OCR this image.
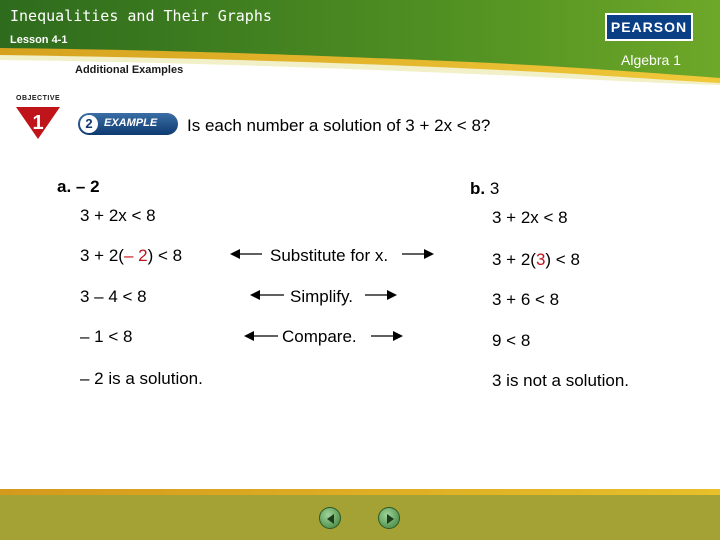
Inequalities and Their Graphs
Lesson 4-1
Additional Examples
PEARSON
Algebra 1
1
OBJECTIVE
2	EXAMPLE Is each number a solution of 3 + 2x < 8?
a. – 2
3 + 2x < 8
3 + 2(– 2) < 8
3 – 4 < 8
– 1 < 8
– 2 is a solution.
b. 3
3 + 2x < 8
3 + 2(3) < 8
3 + 6 < 8
9 < 8
3 is not a solution.
Substitute for x.
Simplify.
Compare.
